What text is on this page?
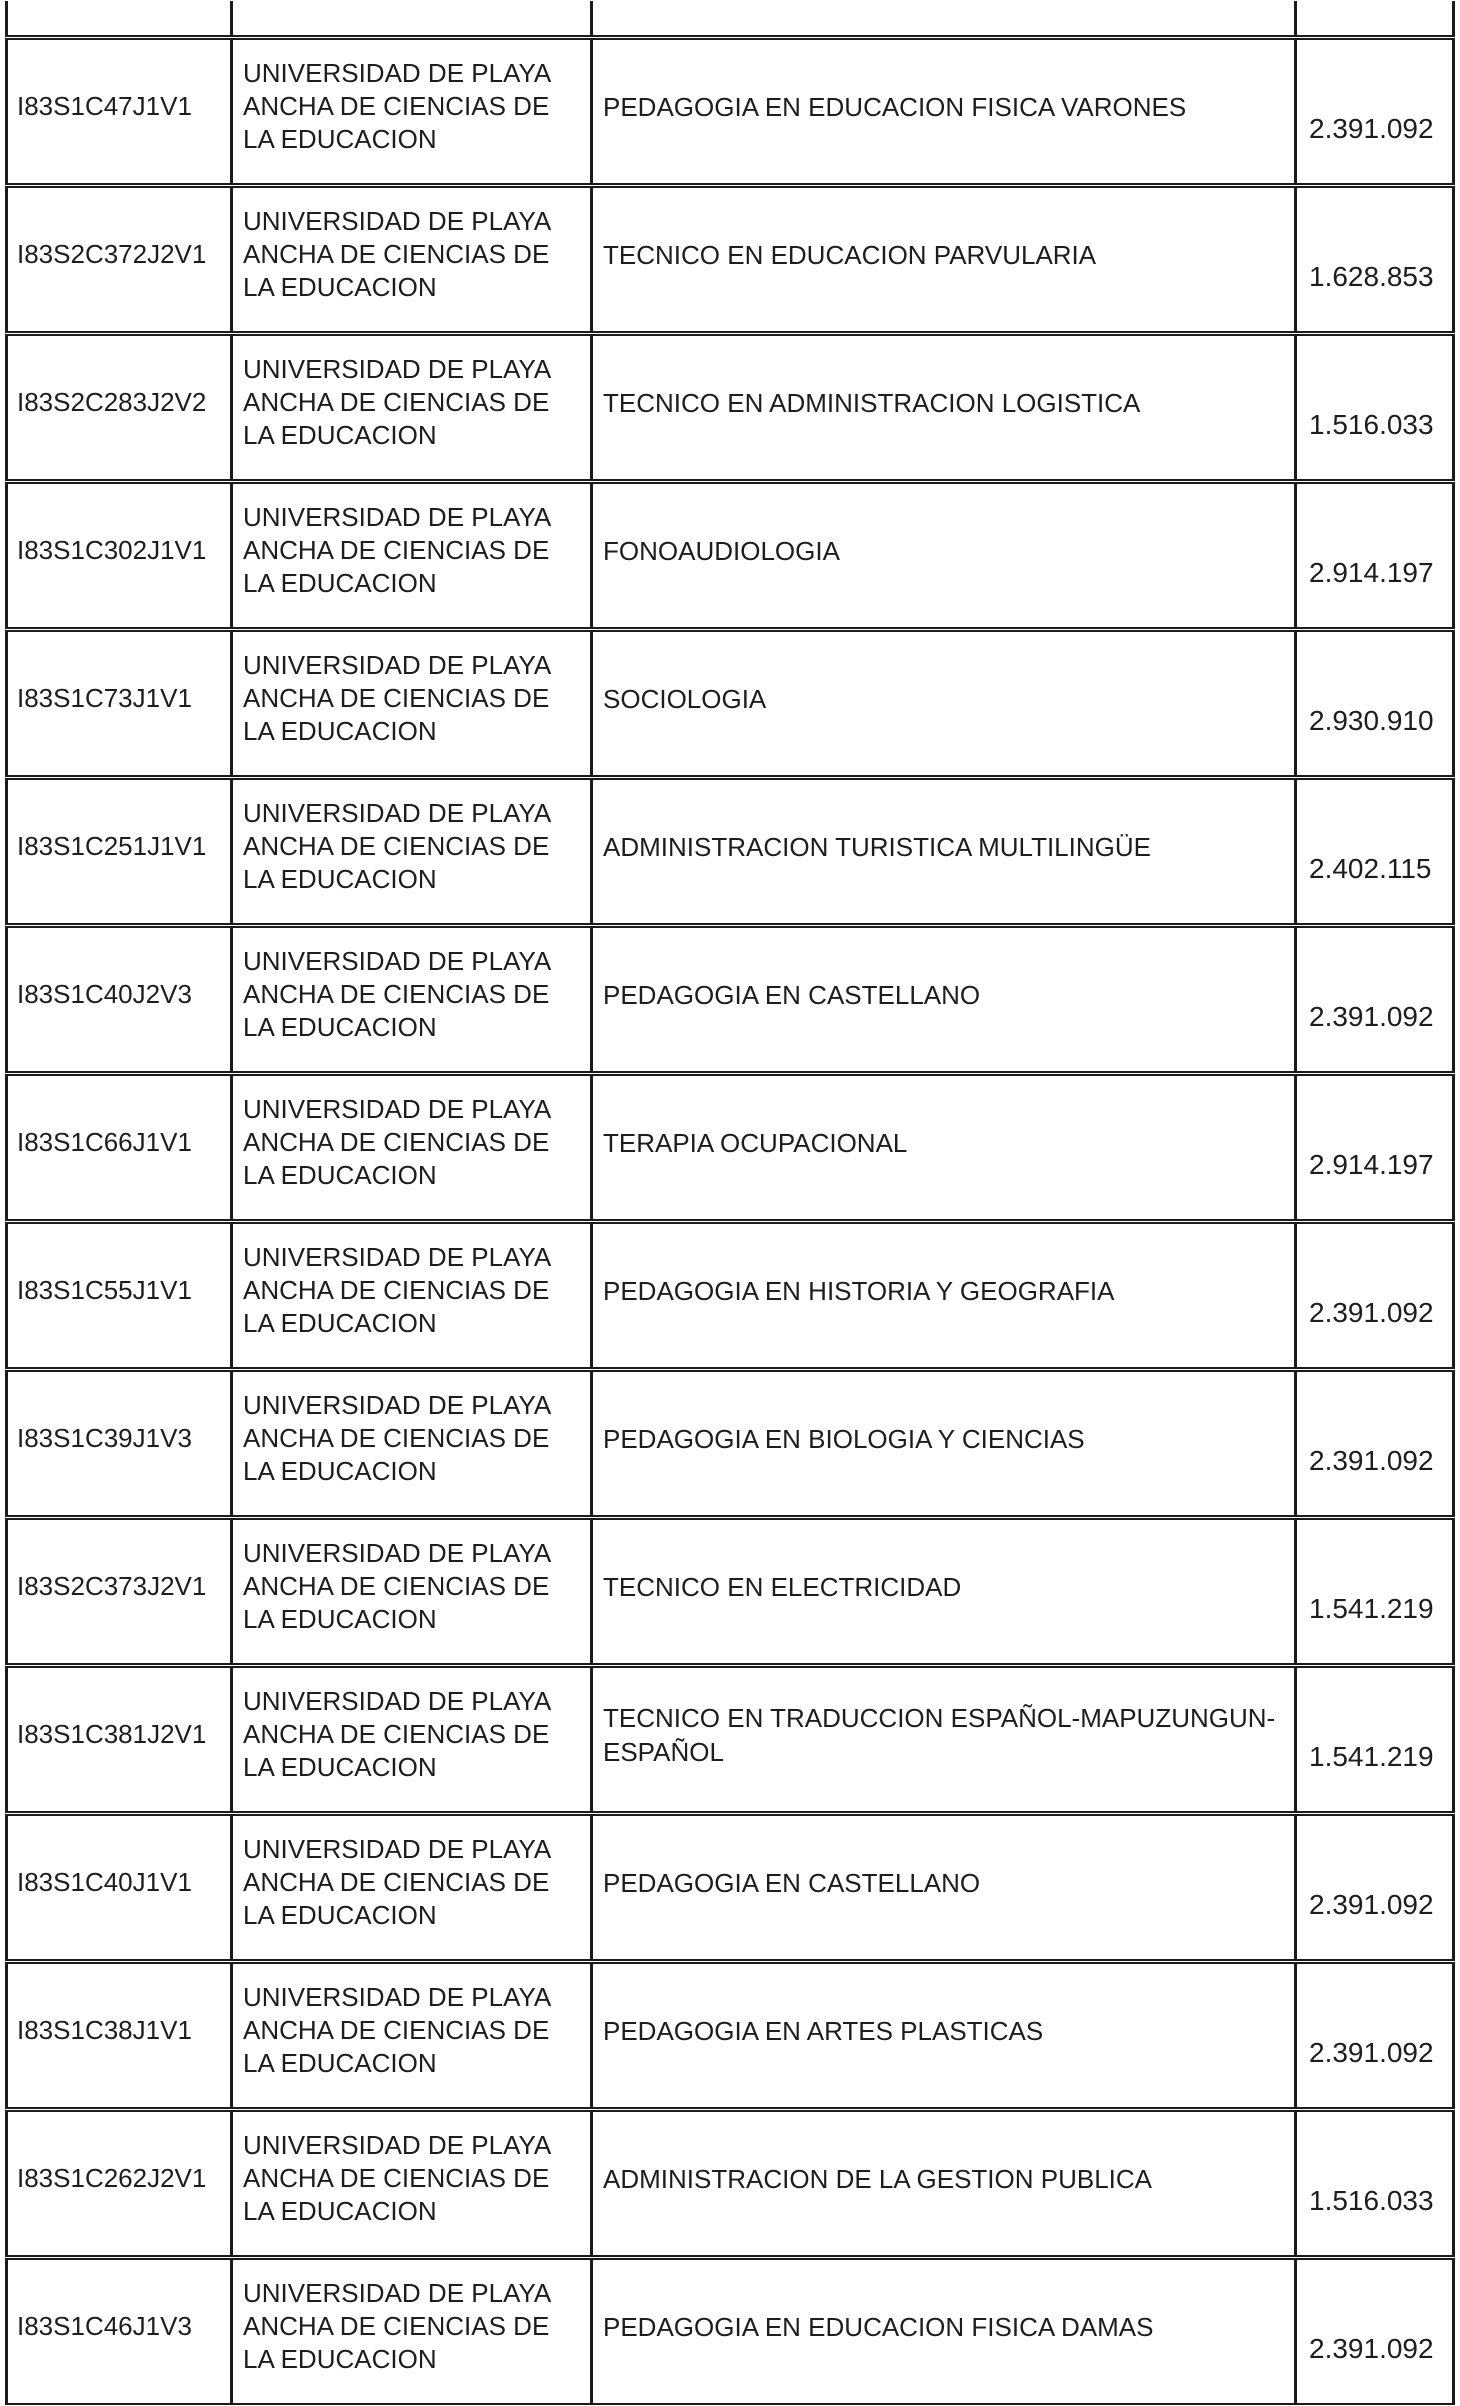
I83S1C47J1V1	UNIVERSIDAD DE PLAYA ANCHA DE CIENCIAS DE LA EDUCACION	PEDAGOGIA EN EDUCACION FISICA VARONES	2.391.092
I83S2C372J2V1	UNIVERSIDAD DE PLAYA ANCHA DE CIENCIAS DE LA EDUCACION	TECNICO EN EDUCACION PARVULARIA	1.628.853
I83S2C283J2V2	UNIVERSIDAD DE PLAYA ANCHA DE CIENCIAS DE LA EDUCACION	TECNICO EN ADMINISTRACION LOGISTICA	1.516.033
I83S1C302J1V1	UNIVERSIDAD DE PLAYA ANCHA DE CIENCIAS DE LA EDUCACION	FONOAUDIOLOGIA	2.914.197
I83S1C73J1V1	UNIVERSIDAD DE PLAYA ANCHA DE CIENCIAS DE LA EDUCACION	SOCIOLOGIA	2.930.910
I83S1C251J1V1	UNIVERSIDAD DE PLAYA ANCHA DE CIENCIAS DE LA EDUCACION	ADMINISTRACION TURISTICA MULTILINGÜE	2.402.115
I83S1C40J2V3	UNIVERSIDAD DE PLAYA ANCHA DE CIENCIAS DE LA EDUCACION	PEDAGOGIA EN CASTELLANO	2.391.092
I83S1C66J1V1	UNIVERSIDAD DE PLAYA ANCHA DE CIENCIAS DE LA EDUCACION	TERAPIA OCUPACIONAL	2.914.197
I83S1C55J1V1	UNIVERSIDAD DE PLAYA ANCHA DE CIENCIAS DE LA EDUCACION	PEDAGOGIA EN HISTORIA Y GEOGRAFIA	2.391.092
I83S1C39J1V3	UNIVERSIDAD DE PLAYA ANCHA DE CIENCIAS DE LA EDUCACION	PEDAGOGIA EN BIOLOGIA Y CIENCIAS	2.391.092
I83S2C373J2V1	UNIVERSIDAD DE PLAYA ANCHA DE CIENCIAS DE LA EDUCACION	TECNICO EN ELECTRICIDAD	1.541.219
I83S1C381J2V1	UNIVERSIDAD DE PLAYA ANCHA DE CIENCIAS DE LA EDUCACION	TECNICO EN TRADUCCION ESPAÑOL-MAPUZUNGUN-ESPAÑOL	1.541.219
I83S1C40J1V1	UNIVERSIDAD DE PLAYA ANCHA DE CIENCIAS DE LA EDUCACION	PEDAGOGIA EN CASTELLANO	2.391.092
I83S1C38J1V1	UNIVERSIDAD DE PLAYA ANCHA DE CIENCIAS DE LA EDUCACION	PEDAGOGIA EN ARTES PLASTICAS	2.391.092
I83S1C262J2V1	UNIVERSIDAD DE PLAYA ANCHA DE CIENCIAS DE LA EDUCACION	ADMINISTRACION DE LA GESTION PUBLICA	1.516.033
I83S1C46J1V3	UNIVERSIDAD DE PLAYA ANCHA DE CIENCIAS DE LA EDUCACION	PEDAGOGIA EN EDUCACION FISICA DAMAS	2.391.092
